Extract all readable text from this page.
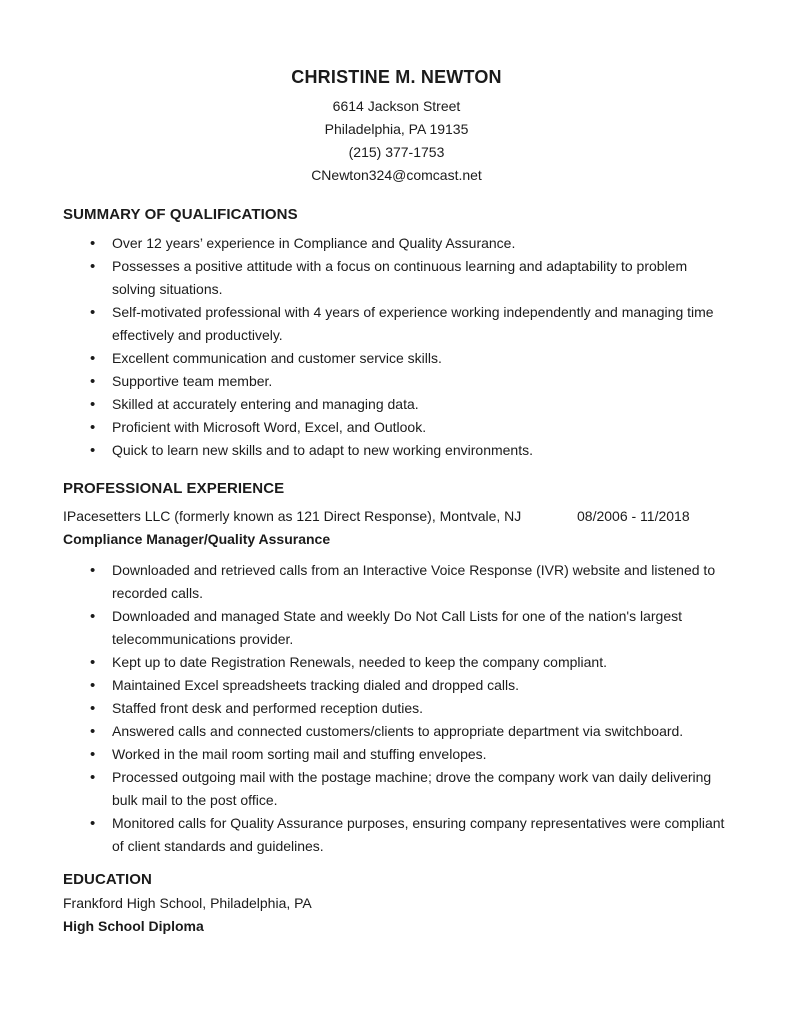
CHRISTINE M. NEWTON
6614 Jackson Street
Philadelphia, PA 19135
(215) 377-1753
CNewton324@comcast.net
SUMMARY OF QUALIFICATIONS
• Over 12 years’ experience in Compliance and Quality Assurance.
• Possesses a positive attitude with a focus on continuous learning and adaptability to problem solving situations.
• Self-motivated professional with 4 years of experience working independently and managing time effectively and productively.
• Excellent communication and customer service skills.
• Supportive team member.
• Skilled at accurately entering and managing data.
• Proficient with Microsoft Word, Excel, and Outlook.
• Quick to learn new skills and to adapt to new working environments.
PROFESSIONAL EXPERIENCE
IPacesetters LLC (formerly known as 121 Direct Response), Montvale, NJ	08/2006 - 11/2018
Compliance Manager/Quality Assurance
• Downloaded and retrieved calls from an Interactive Voice Response (IVR) website and listened to recorded calls.
• Downloaded and managed State and weekly Do Not Call Lists for one of the nation's largest telecommunications provider.
• Kept up to date Registration Renewals, needed to keep the company compliant.
• Maintained Excel spreadsheets tracking dialed and dropped calls.
• Staffed front desk and performed reception duties.
• Answered calls and connected customers/clients to appropriate department via switchboard.
• Worked in the mail room sorting mail and stuffing envelopes.
• Processed outgoing mail with the postage machine; drove the company work van daily delivering bulk mail to the post office.
• Monitored calls for Quality Assurance purposes, ensuring company representatives were compliant of client standards and guidelines.
EDUCATION
Frankford High School, Philadelphia, PA
High School Diploma
